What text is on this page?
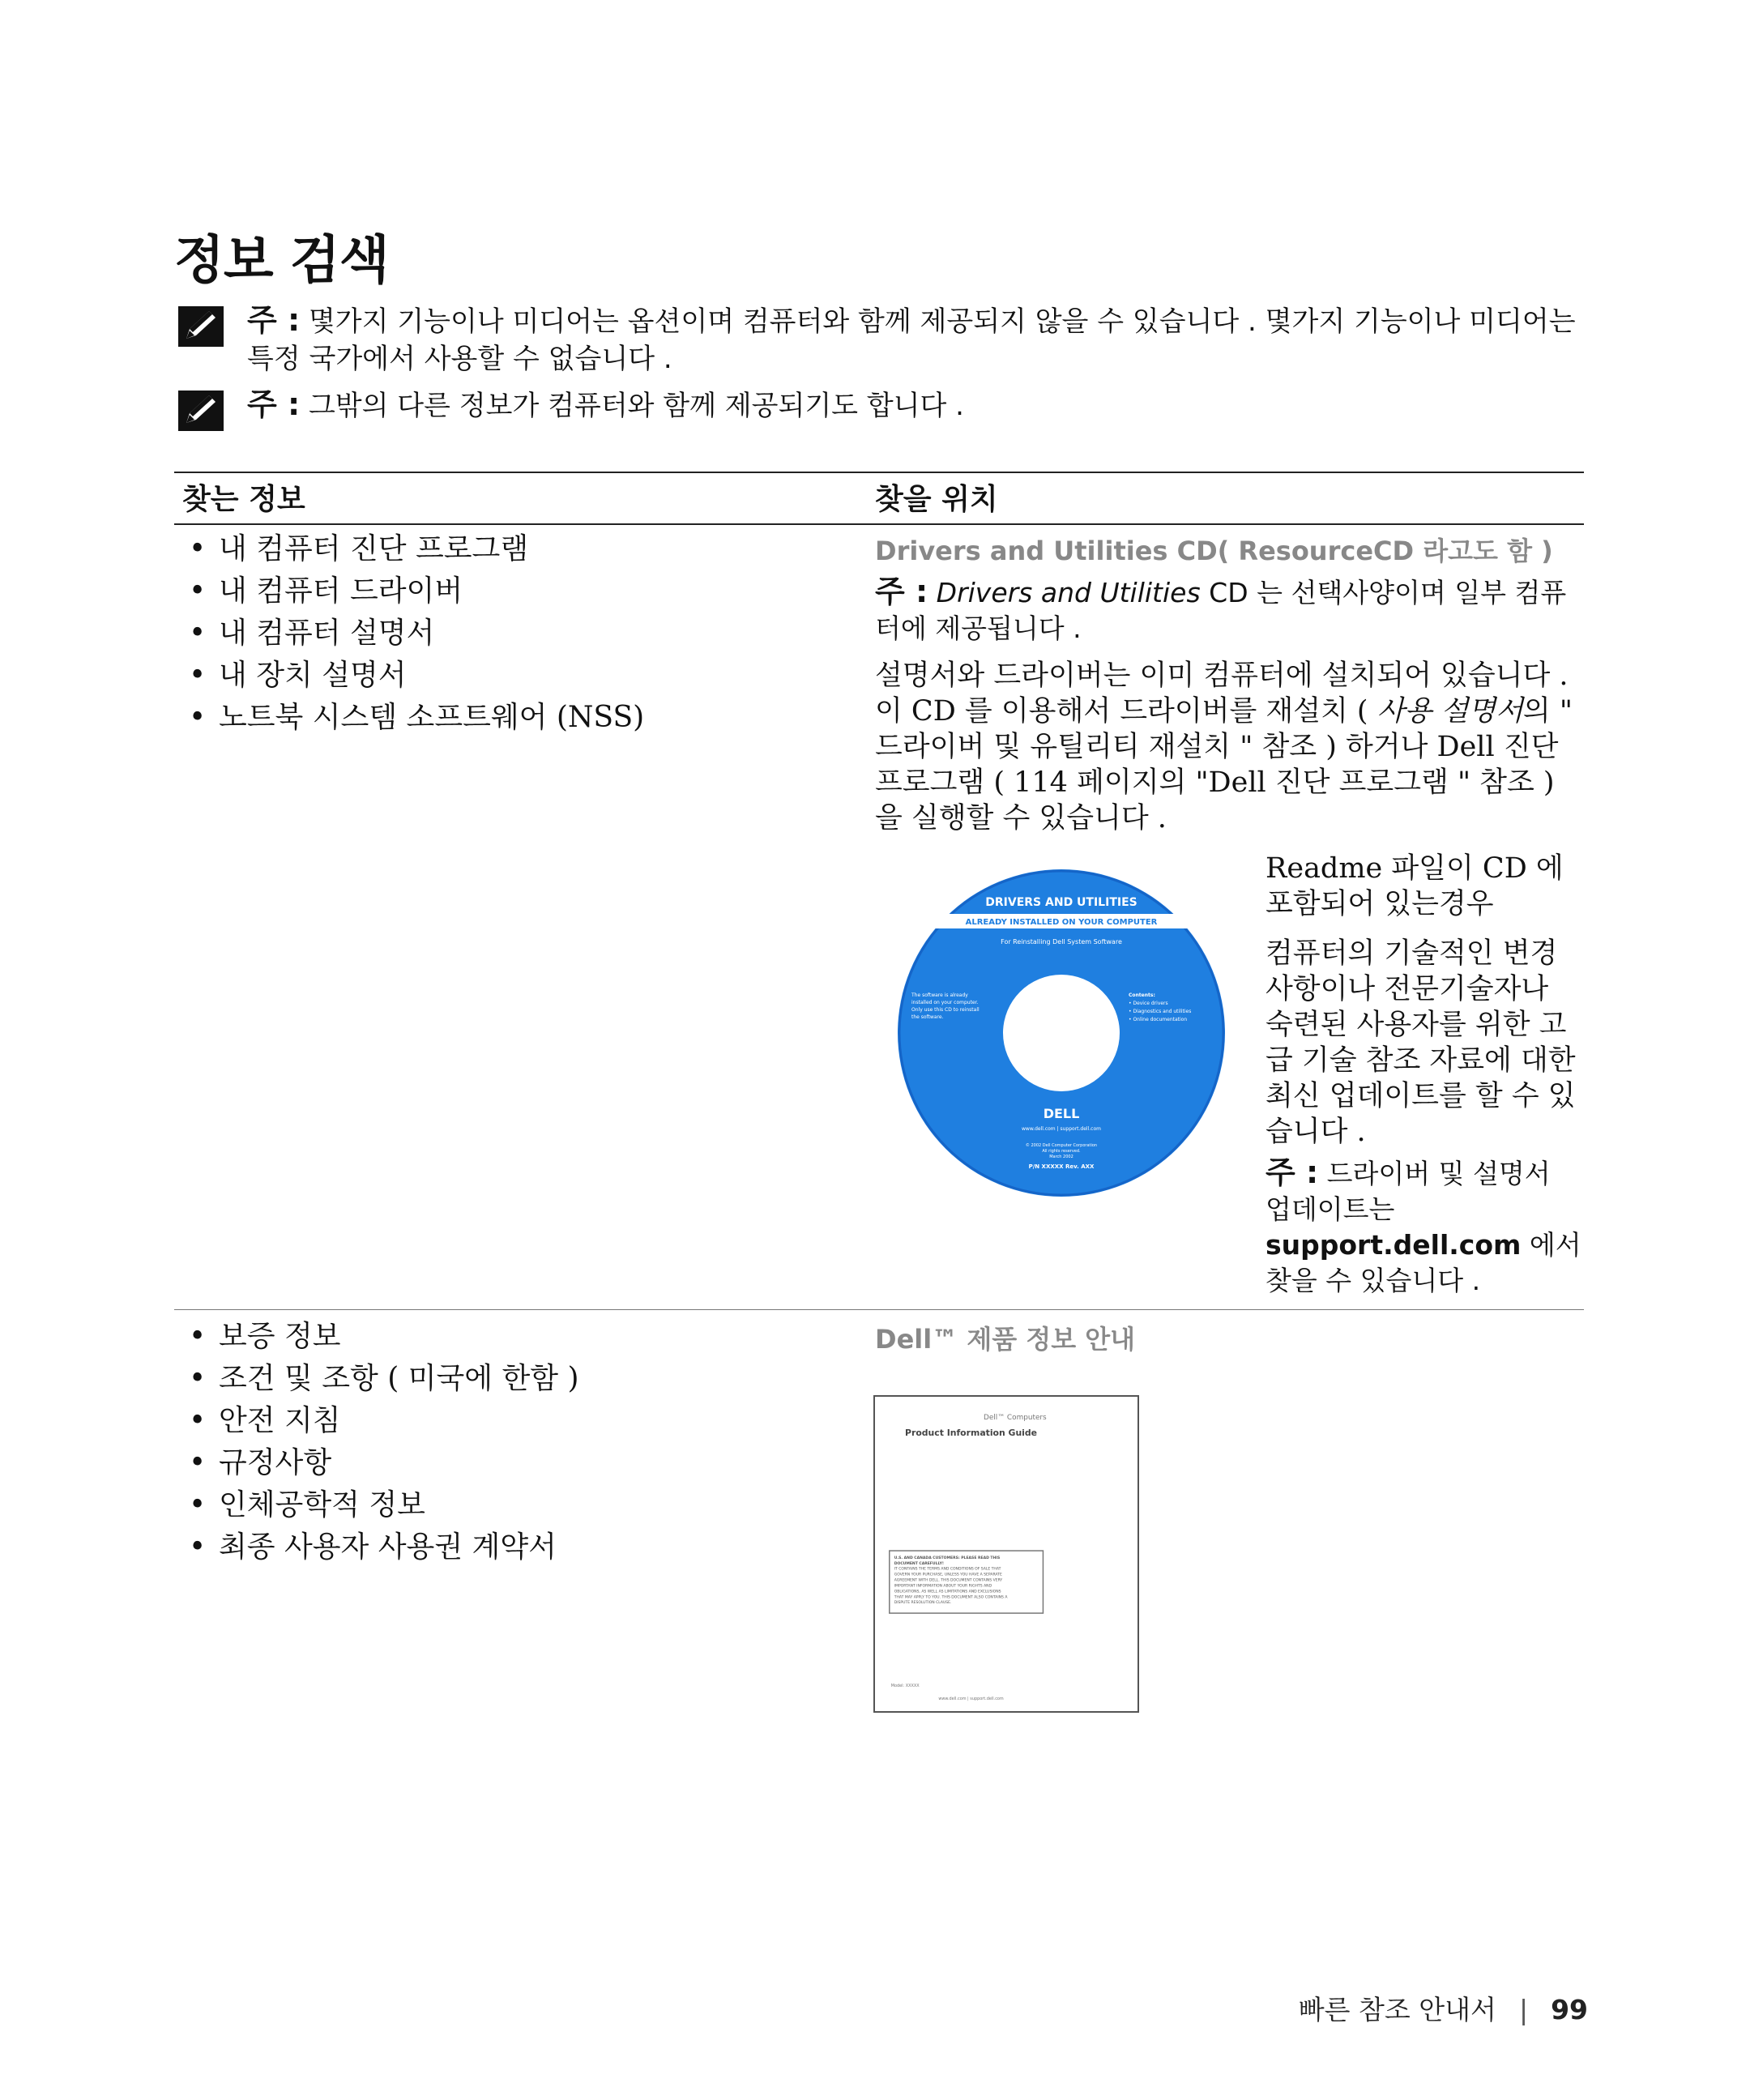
정보 검색
주 : 몇가지 기능이나 미디어는 옵션이며 컴퓨터와 함께 제공되지 않을 수 있습니다 . 몇가지 기능이나 미디어는 특정 국가에서 사용할 수 없습니다 .
주 : 그밖의 다른 정보가 컴퓨터와 함께 제공되기도 합니다 .
찾는 정보	찾을 위치
• 내 컴퓨터 진단 프로그램
• 내 컴퓨터 드라이버
• 내 컴퓨터 설명서
• 내 장치 설명서
• 노트북 시스템 소프트웨어 (NSS)
Drivers and Utilities CD( ResourceCD 라고도 함 )
주 : Drivers and Utilities CD 는 선택사양이며 일부 컴퓨터에 제공됩니다 .
설명서와 드라이버는 이미 컴퓨터에 설치되어 있습니다 . 이 CD 를 이용해서 드라이버를 재설치 ( 사용 설명서의 " 드라이버 및 유틸리티 재설치 " 참조 ) 하거나 Dell 진단 프로그램 ( 114 페이지의 "Dell 진단 프로그램 " 참조 ) 을 실행할 수 있습니다 .
DRIVERS AND UTILITIES
ALREADY INSTALLED ON YOUR COMPUTER
For Reinstalling Dell System Software
The software is already
installed on your computer.
Only use this CD to reinstall
the software.
Contents:
• Device drivers
• Diagnostics and utilities
• Online documentation
DELL
www.dell.com | support.dell.com
© 2002 Dell Computer Corporation
All rights reserved.
March 2002
P/N XXXXX Rev. AXX
Readme 파일이 CD 에 포함되어 있는경우
컴퓨터의 기술적인 변경사항이나 전문기술자나 숙련된 사용자를 위한 고급 기술 참조 자료에 대한 최신 업데이트를 할 수 있습니다 .
주 : 드라이버 및 설명서 업데이트는 support.dell.com 에서 찾을 수 있습니다 .
• 보증 정보
• 조건 및 조항 ( 미국에 한함 )
• 안전 지침
• 규정사항
• 인체공학적 정보
• 최종 사용자 사용권 계약서
Dell™ 제품 정보 안내
Dell™ Computers
Product Information Guide
U.S. AND CANADA CUSTOMERS: PLEASE READ THIS
DOCUMENT CAREFULLY!
IT CONTAINS THE TERMS AND CONDITIONS OF SALE THAT
GOVERN YOUR PURCHASE, UNLESS YOU HAVE A SEPARATE
AGREEMENT WITH DELL. THIS DOCUMENT CONTAINS VERY
IMPORTANT INFORMATION ABOUT YOUR RIGHTS AND
OBLIGATIONS, AS WELL AS LIMITATIONS AND EXCLUSIONS
THAT MAY APPLY TO YOU. THIS DOCUMENT ALSO CONTAINS A
DISPUTE RESOLUTION CLAUSE.
Model: XXXXX
www.dell.com | support.dell.com
빠른 참조 안내서 | 99
